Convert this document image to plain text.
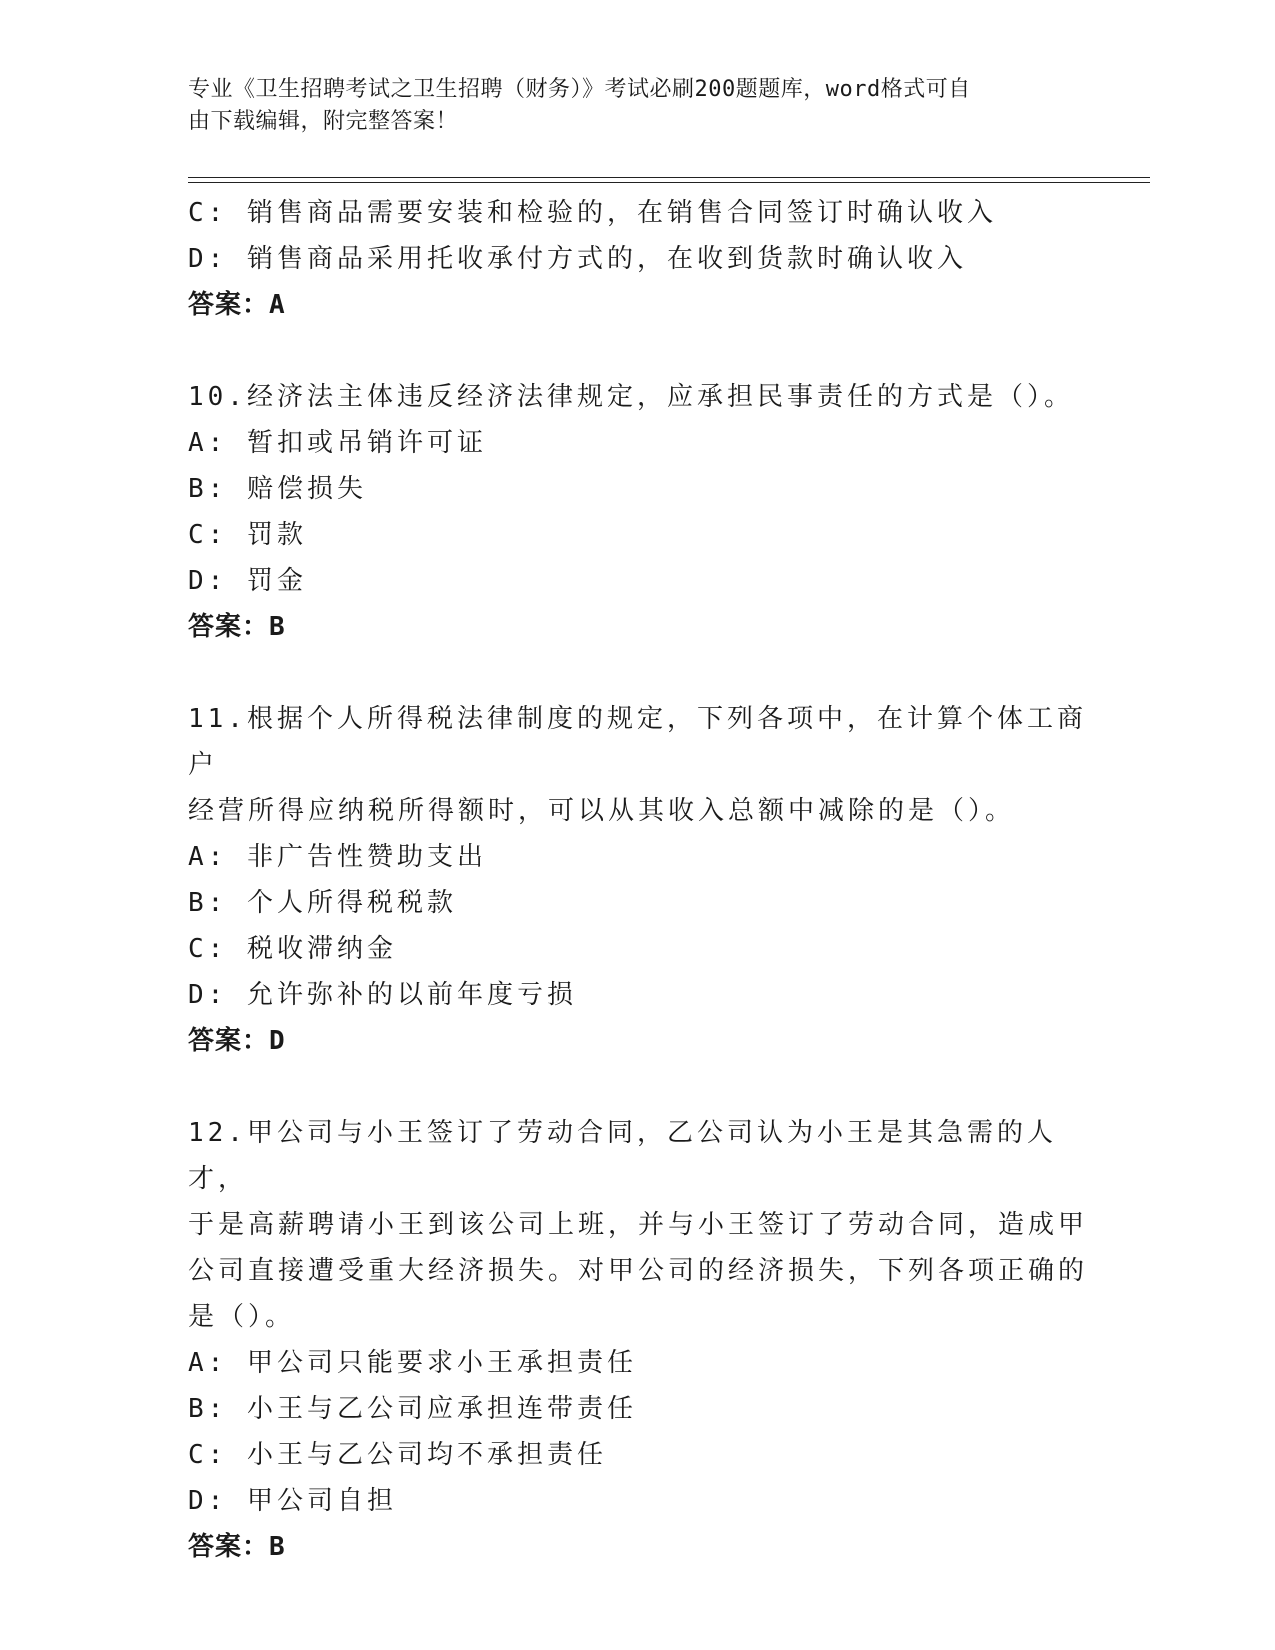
专业《卫生招聘考试之卫生招聘（财务）》考试必刷200题题库，word格式可自
由下载编辑，附完整答案！
C: 销售商品需要安装和检验的，在销售合同签订时确认收入
D: 销售商品采用托收承付方式的，在收到货款时确认收入
答案：A
10.经济法主体违反经济法律规定，应承担民事责任的方式是（）。
A: 暂扣或吊销许可证
B: 赔偿损失
C: 罚款
D: 罚金
答案：B
11.根据个人所得税法律制度的规定，下列各项中，在计算个体工商户
经营所得应纳税所得额时，可以从其收入总额中减除的是（）。
A: 非广告性赞助支出
B: 个人所得税税款
C: 税收滞纳金
D: 允许弥补的以前年度亏损
答案：D
12.甲公司与小王签订了劳动合同，乙公司认为小王是其急需的人才，
于是高薪聘请小王到该公司上班，并与小王签订了劳动合同，造成甲
公司直接遭受重大经济损失。对甲公司的经济损失，下列各项正确的
是（）。
A: 甲公司只能要求小王承担责任
B: 小王与乙公司应承担连带责任
C: 小王与乙公司均不承担责任
D: 甲公司自担
答案：B
